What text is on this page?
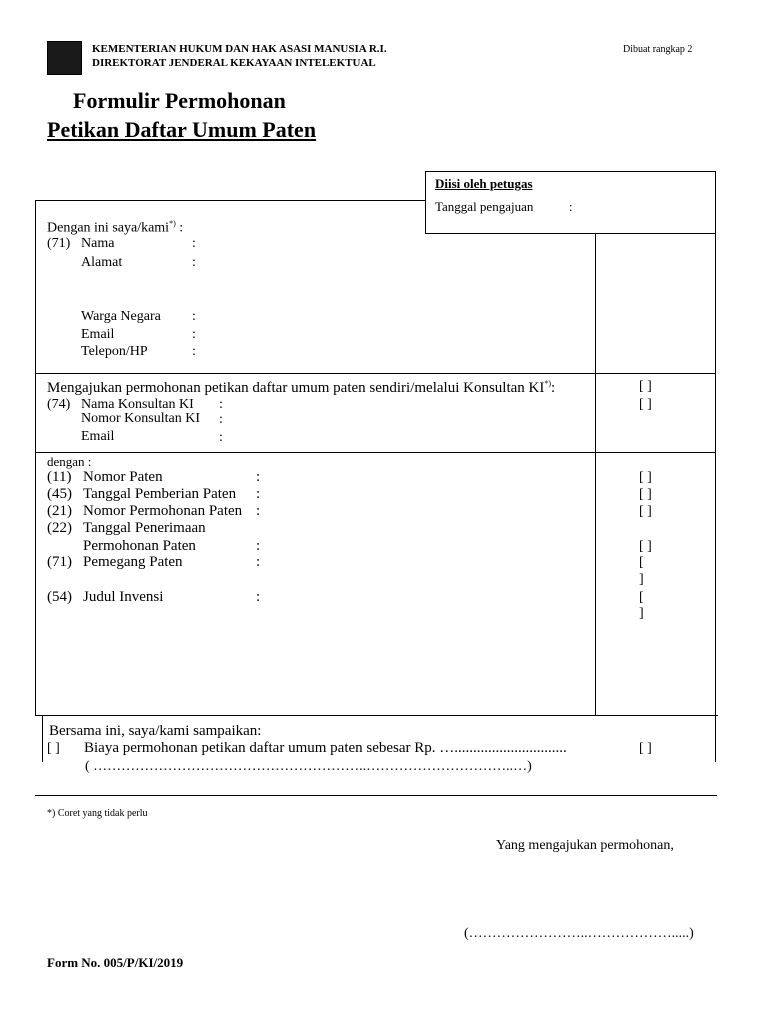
KEMENTERIAN HUKUM DAN HAK ASASI MANUSIA R.I.
DIREKTORAT JENDERAL KEKAYAAN INTELEKTUAL
Dibuat rangkap 2
Formulir Permohonan
Petikan Daftar Umum Paten
Diisi oleh petugas
Tanggal pengajuan	:
Dengan ini saya/kami*) :
(71) Nama	:
Alamat	:
Warga Negara :
Email	:
Telepon/HP	:
Mengajukan permohonan petikan daftar umum paten sendiri/melalui Konsultan KI*):	[ ]
(74) Nama Konsultan KI :	[ ]
Nomor Konsultan KI :
Email	:
dengan :
(11) Nomor Paten	:	[ ]
(45) Tanggal Pemberian Paten :	[ ]
(21) Nomor Permohonan Paten :	[ ]
(22) Tanggal Penerimaan
Permohonan Paten	:	[ ]
(71) Pemegang Paten	:	[
]
(54) Judul Invensi	:	[
]
Bersama ini, saya/kami sampaikan:
[ ] Biaya permohonan petikan daftar umum paten sebesar Rp. …..............................	[ ]
( …………………………………………………..…………………………..…)
*) Coret yang tidak perlu
Yang mengajukan permohonan,
(……………………..……………….....)
Form No. 005/P/KI/2019
